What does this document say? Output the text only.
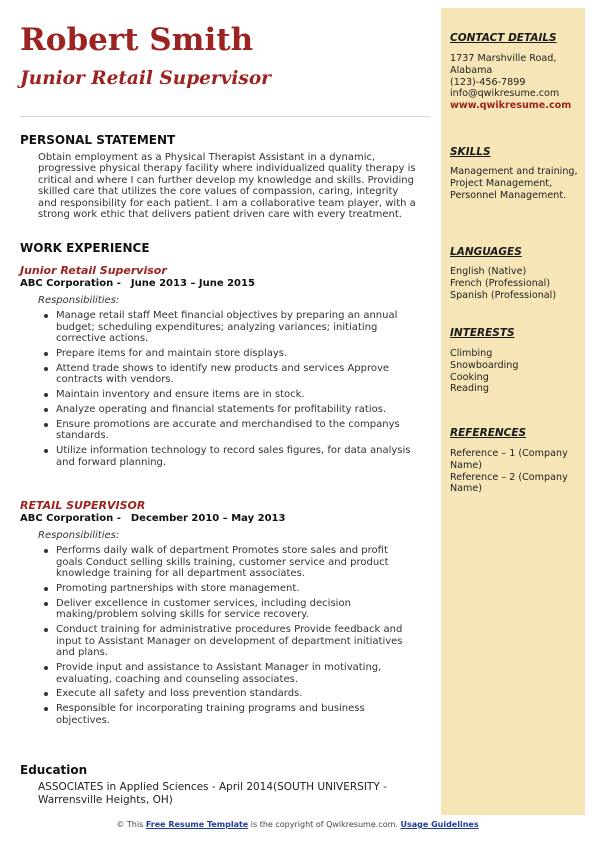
Robert Smith
Junior Retail Supervisor
PERSONAL STATEMENT

Obtain employment as a Physical Therapist Assistant in a dynamic, progressive physical therapy facility where individualized quality therapy is critical and where I can further develop my knowledge and skills. Providing skilled care that utilizes the core values of compassion, caring, integrity and responsibility for each patient. I am a collaborative team player, with a strong work ethic that delivers patient driven care with every treatment.

WORK EXPERIENCE
Junior Retail Supervisor
ABC Corporation - June 2013 – June 2015
Responsibilities:
Manage retail staff Meet financial objectives by preparing an annual budget; scheduling expenditures; analyzing variances; initiating corrective actions.
Prepare items for and maintain store displays.
Attend trade shows to identify new products and services Approve contracts with vendors.
Maintain inventory and ensure items are in stock.
Analyze operating and financial statements for profitability ratios.
Ensure promotions are accurate and merchandised to the companys standards.
Utilize information technology to record sales figures, for data analysis and forward planning.
RETAIL SUPERVISOR
ABC Corporation - December 2010 – May 2013
Responsibilities:
Performs daily walk of department Promotes store sales and profit goals Conduct selling skills training, customer service and product knowledge training for all department associates.
Promoting partnerships with store management.
Deliver excellence in customer services, including decision making/problem solving skills for service recovery.
Conduct training for administrative procedures Provide feedback and input to Assistant Manager on development of department initiatives and plans.
Provide input and assistance to Assistant Manager in motivating, evaluating, coaching and counseling associates.
Execute all safety and loss prevention standards.
Responsible for incorporating training programs and business objectives.
Education

ASSOCIATES in Applied Sciences - April 2014(SOUTH UNIVERSITY - Warrensville Heights, OH)

CONTACT DETAILS
1737 Marshville Road,
Alabama
(123)-456-7899
info@qwikresume.com
www.qwikresume.com
SKILLS

Management and training, Project Management, Personnel Management.

LANGUAGES
English (Native)
French (Professional)
Spanish (Professional)
INTERESTS
Climbing
Snowboarding
Cooking
Reading
REFERENCES
Reference – 1 (Company Name)
Reference – 2 (Company Name)
© This Free Resume Template is the copyright of Qwikresume.com. Usage Guidelines
